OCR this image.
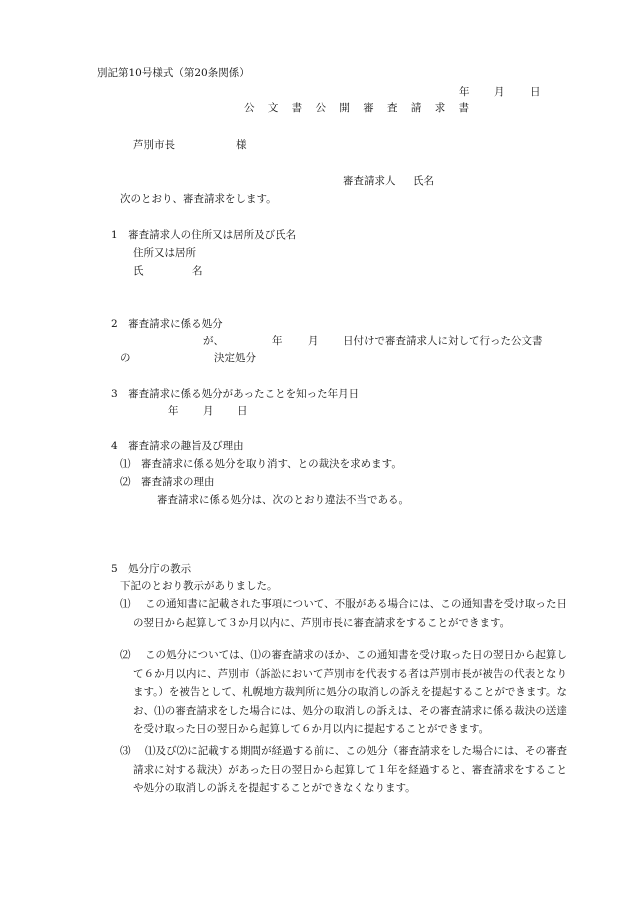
別記第10号様式（第20条関係）
年 月 日
公 文 書 公 開 審 査 請 求 書
芦別市長	様
審査請求人 氏名
次のとおり、審査請求をします。
1　審査請求人の住所又は居所及び氏名
住所又は居所
氏	名
2　審査請求に係る処分
が、	年 月 日付けで審査請求人に対して行った公文書
の	決定処分
3　審査請求に係る処分があったことを知った年月日
年 月 日
4　審査請求の趣旨及び理由
⑴　審査請求に係る処分を取り消す、との裁決を求めます。
⑵　審査請求の理由
審査請求に係る処分は、次のとおり違法不当である。
5　処分庁の教示
下記のとおり教示がありました。
⑴	この通知書に記載された事項について、不服がある場合には、この通知書を受け取った日の翌日から起算して３か月以内に、芦別市長に審査請求をすることができます。
⑵	この処分については、⑴の審査請求のほか、この通知書を受け取った日の翌日から起算して６か月以内に、芦別市（訴訟において芦別市を代表する者は芦別市長が被告の代表となります。）を被告として、札幌地方裁判所に処分の取消しの訴えを提起することができます。なお、⑴の審査請求をした場合には、処分の取消しの訴えは、その審査請求に係る裁決の送達を受け取った日の翌日から起算して６か月以内に提起することができます。
⑶	⑴及び⑵に記載する期間が経過する前に、この処分（審査請求をした場合には、その審査請求に対する裁決）があった日の翌日から起算して１年を経過すると、審査請求をすることや処分の取消しの訴えを提起することができなくなります。
